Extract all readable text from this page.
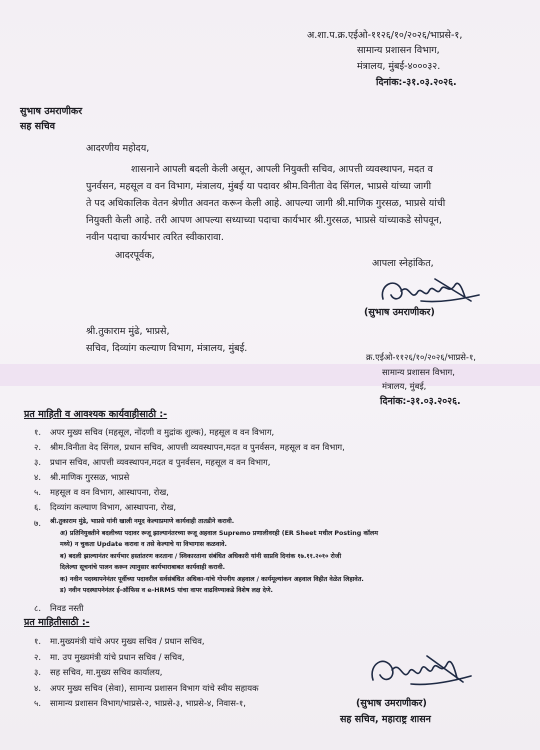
अ.शा.प.क्र.एईओ-११२६/१०/२०२६/भाप्रसे-१,
सामान्य प्रशासन विभाग,
मंत्रालय, मुंबई-४०००३२.
दिनांक:-३१.०३.२०२६.
सुभाष उमराणीकर
सह सचिव
आदरणीय महोदय,
शासनाने आपली बदली केली असून, आपली नियुक्ती सचिव, आपत्ती व्यवस्थापन, मदत व
पुनर्वसन, महसूल व वन विभाग, मंत्रालय, मुंबई या पदावर श्रीम.विनीता वेद सिंगल, भाप्रसे यांच्या जागी
ते पद अधिकालिक वेतन श्रेणीत अवनत करून केली आहे. आपल्या जागी श्री.माणिक गुरसळ, भाप्रसे यांची
नियुक्ती केली आहे. तरी आपण आपल्या सध्याच्या पदाचा कार्यभार श्री.गुरसळ, भाप्रसे यांच्याकडे सोपवून,
नवीन पदाचा कार्यभार त्वरित स्वीकारावा.
आदरपूर्वक,
आपला स्नेहांकित,
(सुभाष उमराणीकर)
श्री.तुकाराम मुंढे, भाप्रसे,
सचिव, दिव्यांग कल्याण विभाग, मंत्रालय, मुंबई.
क्र.एईओ-११२६/१०/२०२६/भाप्रसे-१,
सामान्य प्रशासन विभाग,
मंत्रालय, मुंबई,
दिनांक:-३१.०३.२०२६.
प्रत माहिती व आवश्यक कार्यवाहीसाठी :-
७.
८. निवड नस्ती
प्रत माहितीसाठी :-
(सुभाष उमराणीकर)
सह सचिव, महाराष्ट्र शासन
१. अपर मुख्य सचिव (महसूल, नोंदणी व मुद्रांक शुल्क), महसूल व वन विभाग,
२. श्रीम.विनीता वेद सिंगल, प्रधान सचिव, आपत्ती व्यवस्थापन,मदत व पुनर्वसन, महसूल व वन विभाग,
३. प्रधान सचिव, आपत्ती व्यवस्थापन,मदत व पुनर्वसन, महसूल व वन विभाग,
४. श्री.माणिक गुरसळ, भाप्रसे
५. महसूल व वन विभाग, आस्थापना, रोख,
६. दिव्यांग कल्याण विभाग, आस्थापना, रोख,
श्री.तुकाराम मुंढे, भाप्रसे यांनी खाली नमूद केल्याप्रमाणे कार्यवाही तातडीने करावी.
अ) प्रतिनियुक्तीने बदलीच्या पदावर रूजू झाल्यानंतरच्या रूजू अहवाल Supremo प्रणालीवरही (ER Sheet मधील Posting कॉलम
मध्ये) न चुकता Update करावा व तसे केल्याचे या विभागास कळवावे.
ब) बदली झाल्यानंतर कार्यभार हस्तांतरण करताना / स्विकारताना संबंधित अधिकारी यांनी साप्रवि दिनांक १७.११.२०१० रोजी
दिलेल्या सूचनांचे पालन करून त्यानुसार कार्यभाराबाबत कार्यवाही करावी.
क) नवीन पदस्थापनेनंतर पूर्वीच्या पदावरील सर्वसंबंधित अधिका-यांचे गोपनीय अहवाल / कार्यमूल्यांकन अहवाल विहीत वेळेत लिहावेत.
ड) नवीन पदस्थापनेनंतर ई-ऑफिस व e-HRMS यांचा वापर वाढविण्याकडे विशेष लक्ष देणे.
१. मा.मुख्यमंत्री यांचे अपर मुख्य सचिव / प्रधान सचिव,
२. मा. उप मुख्यमंत्री यांचे प्रधान सचिव / सचिव,
३. सह सचिव, मा.मुख्य सचिव कार्यालय,
४. अपर मुख्य सचिव (सेवा), सामान्य प्रशासन विभाग यांचे स्वीय सहायक
५. सामान्य प्रशासन विभाग/भाप्रसे-२, भाप्रसे-३, भाप्रसे-४, निवास-१,
